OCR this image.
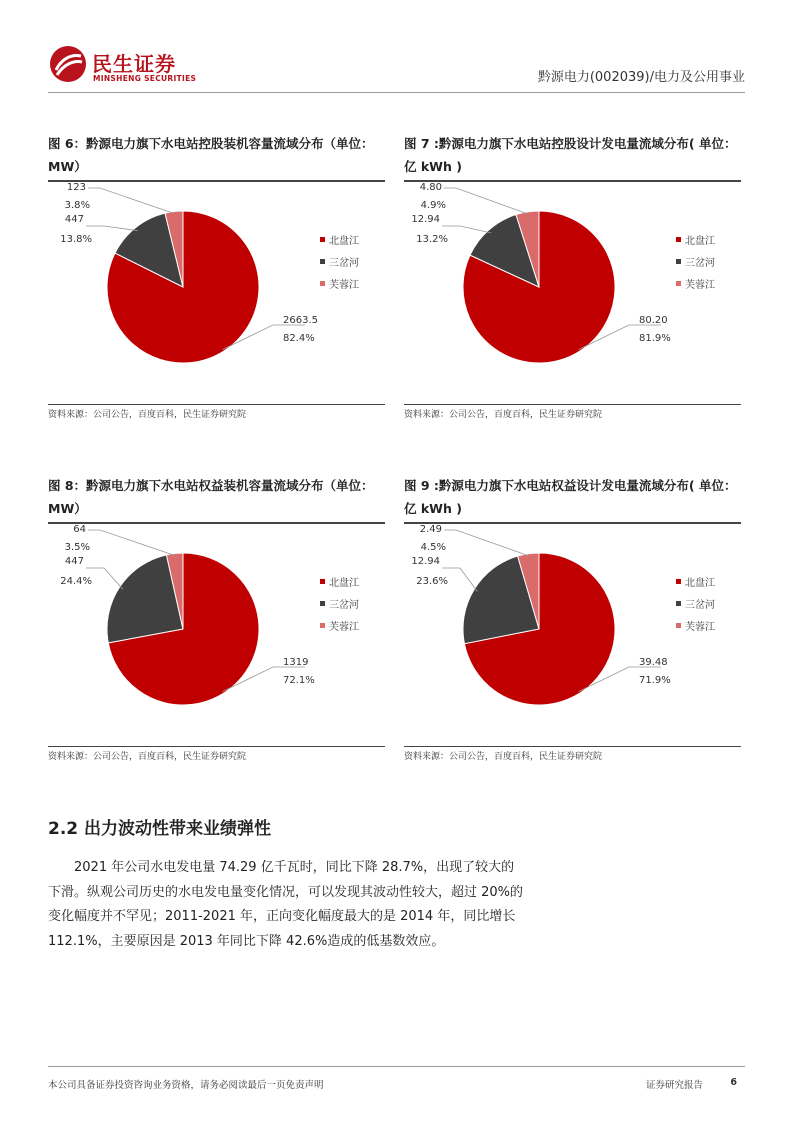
民生证券
MINSHENG SECURITIES	黔源电力(002039)/电力及公用事业
图 6：黔源电力旗下水电站控股装机容量流域分布（单位：MW）
2663.5
82.4%
447
13.8%
123
3.8%
北盘江
三岔河
芙蓉江
资料来源：公司公告，百度百科，民生证券研究院
图 7 :黔源电力旗下水电站控股设计发电量流域分布( 单位：亿 kWh )
80.20
81.9%
12.94
13.2%
4.80
4.9%
北盘江
三岔河
芙蓉江
资料来源：公司公告，百度百科，民生证券研究院
图 8：黔源电力旗下水电站权益装机容量流域分布（单位：MW）
1319
72.1%
447
24.4%
64
3.5%
北盘江
三岔河
芙蓉江
资料来源：公司公告，百度百科，民生证券研究院
图 9 :黔源电力旗下水电站权益设计发电量流域分布( 单位：亿 kWh )
39.48
71.9%
12.94
23.6%
2.49
4.5%
北盘江
三岔河
芙蓉江
资料来源：公司公告，百度百科，民生证券研究院
2.2 出力波动性带来业绩弹性
2021 年公司水电发电量 74.29 亿千瓦时，同比下降 28.7%，出现了较大的下滑。纵观公司历史的水电发电量变化情况，可以发现其波动性较大，超过 20%的变化幅度并不罕见；2011-2021 年，正向变化幅度最大的是 2014 年，同比增长 112.1%，主要原因是 2013 年同比下降 42.6%造成的低基数效应。
本公司具备证券投资咨询业务资格，请务必阅读最后一页免责声明	证券研究报告	6
